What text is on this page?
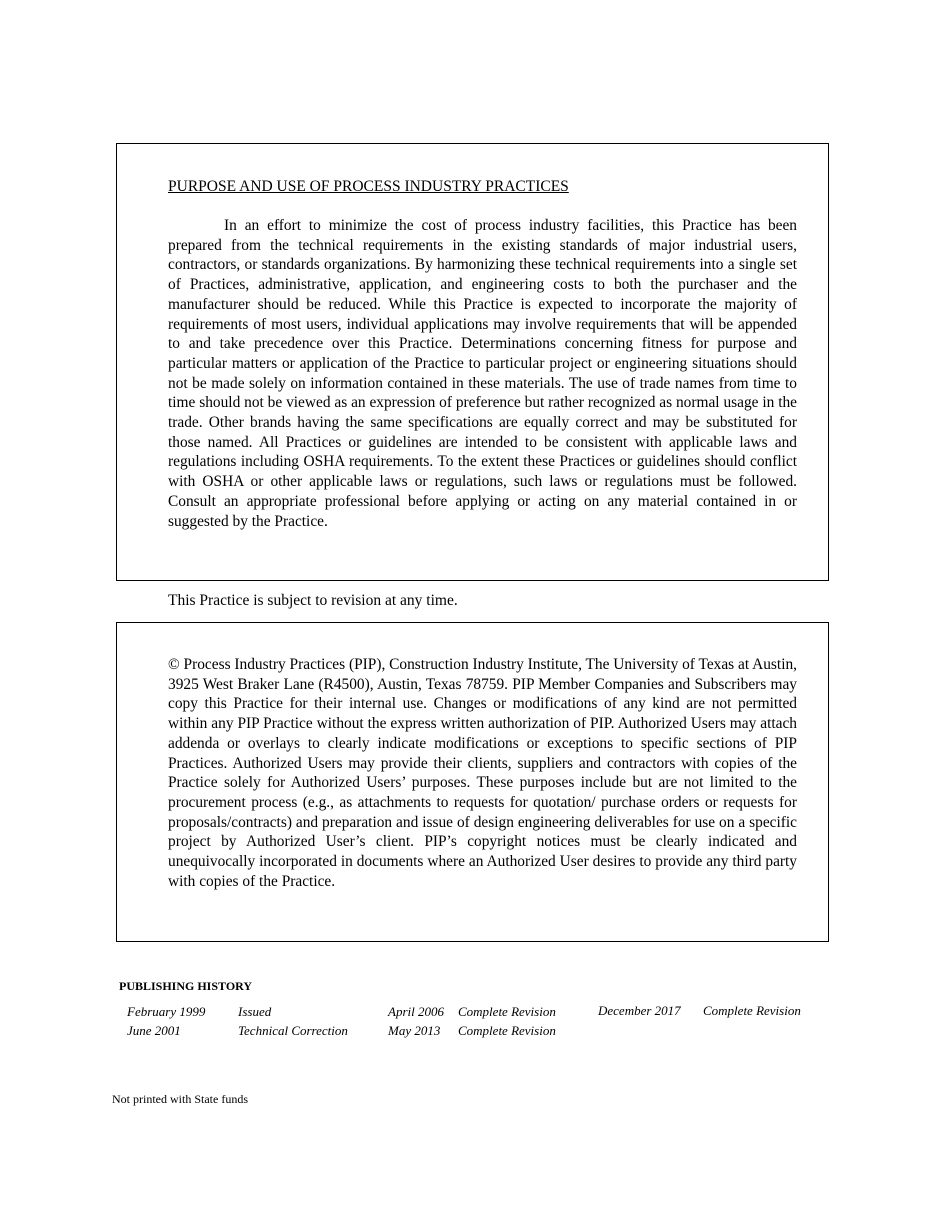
PURPOSE AND USE OF PROCESS INDUSTRY PRACTICES
In an effort to minimize the cost of process industry facilities, this Practice has been prepared from the technical requirements in the existing standards of major industrial users, contractors, or standards organizations. By harmonizing these technical requirements into a single set of Practices, administrative, application, and engineering costs to both the purchaser and the manufacturer should be reduced. While this Practice is expected to incorporate the majority of requirements of most users, individual applications may involve requirements that will be appended to and take precedence over this Practice. Determinations concerning fitness for purpose and particular matters or application of the Practice to particular project or engineering situations should not be made solely on information contained in these materials. The use of trade names from time to time should not be viewed as an expression of preference but rather recognized as normal usage in the trade. Other brands having the same specifications are equally correct and may be substituted for those named. All Practices or guidelines are intended to be consistent with applicable laws and regulations including OSHA requirements. To the extent these Practices or guidelines should conflict with OSHA or other applicable laws or regulations, such laws or regulations must be followed. Consult an appropriate professional before applying or acting on any material contained in or suggested by the Practice.
This Practice is subject to revision at any time.
© Process Industry Practices (PIP), Construction Industry Institute, The University of Texas at Austin, 3925 West Braker Lane (R4500), Austin, Texas 78759. PIP Member Companies and Subscribers may copy this Practice for their internal use. Changes or modifications of any kind are not permitted within any PIP Practice without the express written authorization of PIP. Authorized Users may attach addenda or overlays to clearly indicate modifications or exceptions to specific sections of PIP Practices. Authorized Users may provide their clients, suppliers and contractors with copies of the Practice solely for Authorized Users’ purposes. These purposes include but are not limited to the procurement process (e.g., as attachments to requests for quotation/ purchase orders or requests for proposals/contracts) and preparation and issue of design engineering deliverables for use on a specific project by Authorized User’s client. PIP’s copyright notices must be clearly indicated and unequivocally incorporated in documents where an Authorized User desires to provide any third party with copies of the Practice.
PUBLISHING HISTORY
February 1999	Issued
June 2001	Technical Correction
April 2006 Complete Revision
May 2013 Complete Revision
December 2017 Complete Revision
Not printed with State funds
